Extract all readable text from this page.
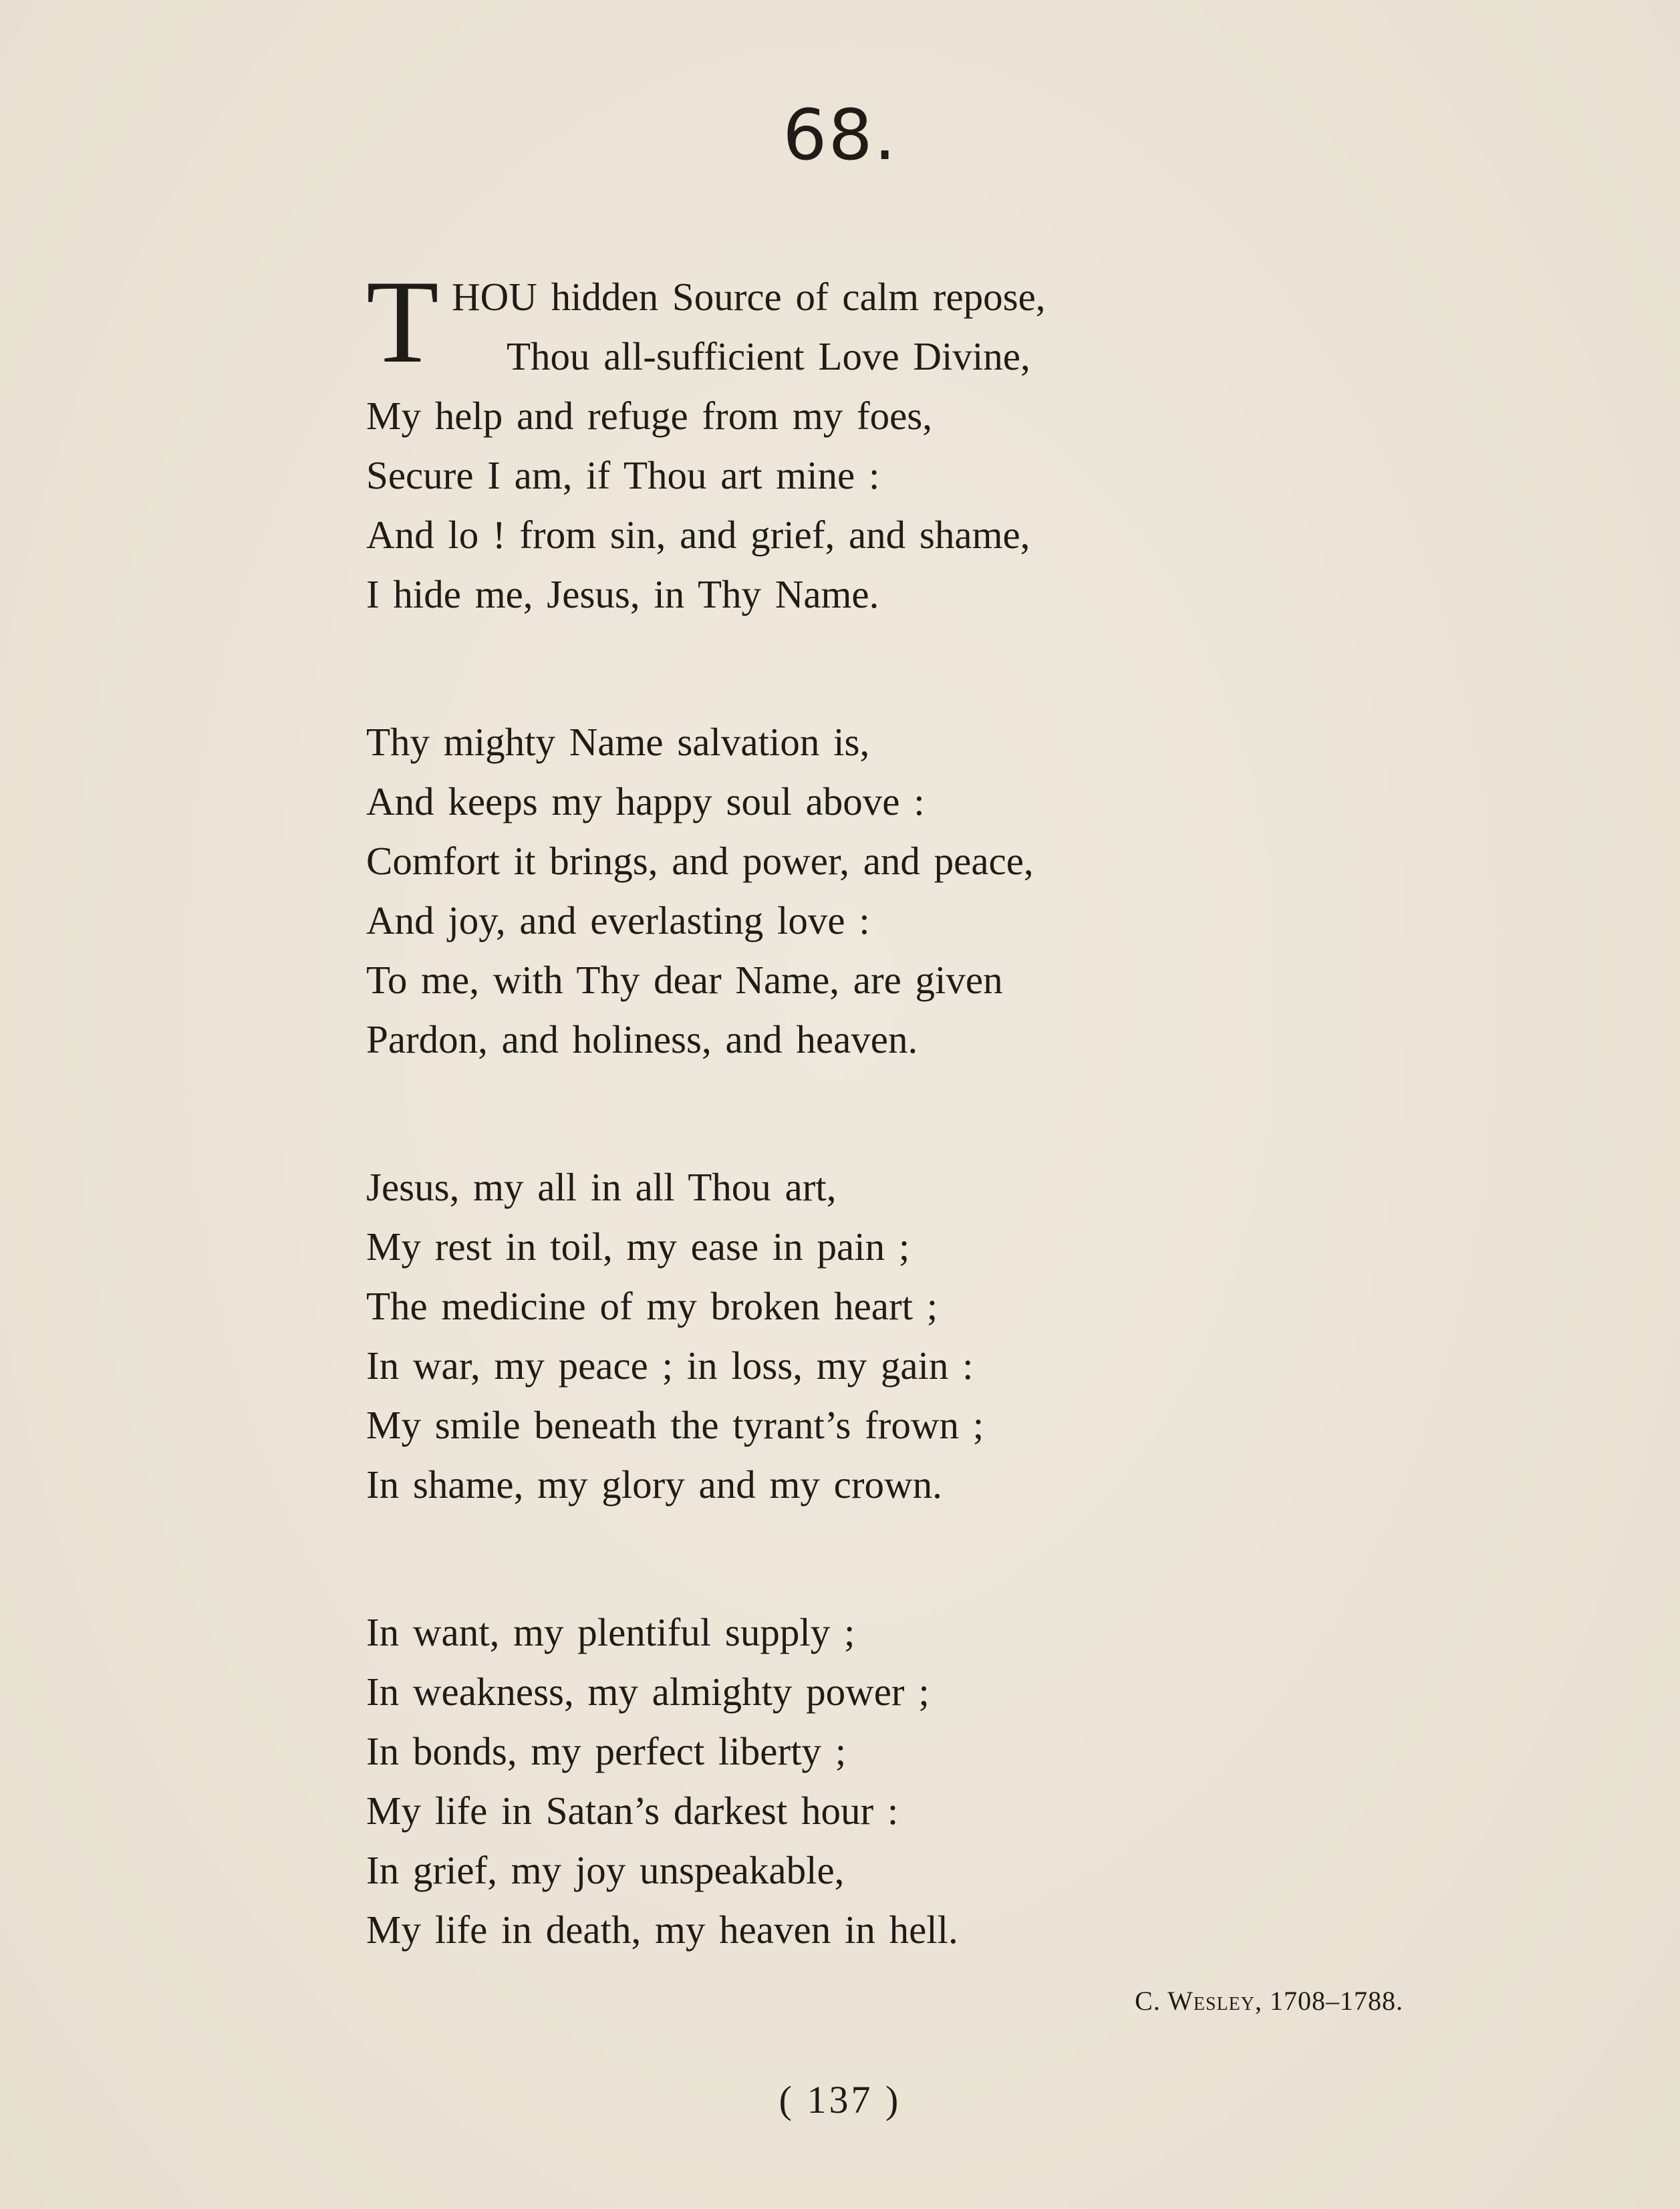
68.
T HOU hidden Source of calm repose,
Thou all-sufficient Love Divine,
My help and refuge from my foes,
Secure I am, if Thou art mine :
And lo ! from sin, and grief, and shame,
I hide me, Jesus, in Thy Name.
Thy mighty Name salvation is,
And keeps my happy soul above :
Comfort it brings, and power, and peace,
And joy, and everlasting love :
To me, with Thy dear Name, are given
Pardon, and holiness, and heaven.
Jesus, my all in all Thou art,
My rest in toil, my ease in pain ;
The medicine of my broken heart ;
In war, my peace ; in loss, my gain :
My smile beneath the tyrant’s frown ;
In shame, my glory and my crown.
In want, my plentiful supply ;
In weakness, my almighty power ;
In bonds, my perfect liberty ;
My life in Satan’s darkest hour :
In grief, my joy unspeakable,
My life in death, my heaven in hell.
C. Wesley, 1708–1788.
( 137 )
